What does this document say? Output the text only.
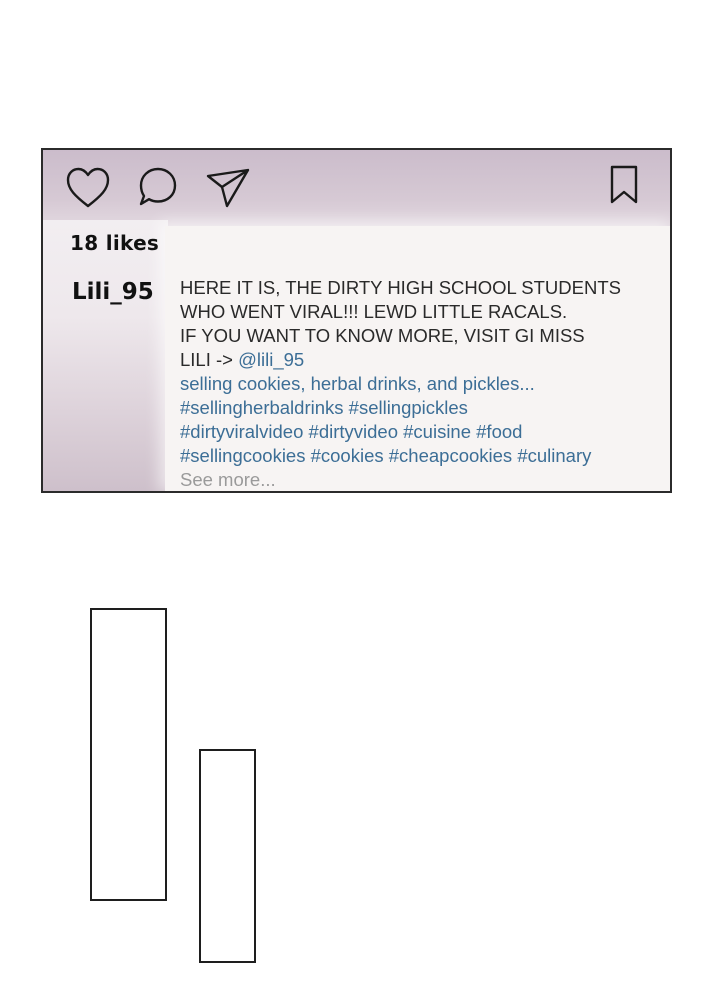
18 likes
Lili_95 HERE IT IS, THE DIRTY HIGH SCHOOL STUDENTS
WHO WENT VIRAL!!! LEWD LITTLE RACALS.
IF YOU WANT TO KNOW MORE, VISIT GI MISS
LILI -> @lili_95
selling cookies, herbal drinks, and pickles...
#sellingherbaldrinks #sellingpickles
#dirtyviralvideo #dirtyvideo #cuisine #food
#sellingcookies #cookies #cheapcookies #culinary
See more...
